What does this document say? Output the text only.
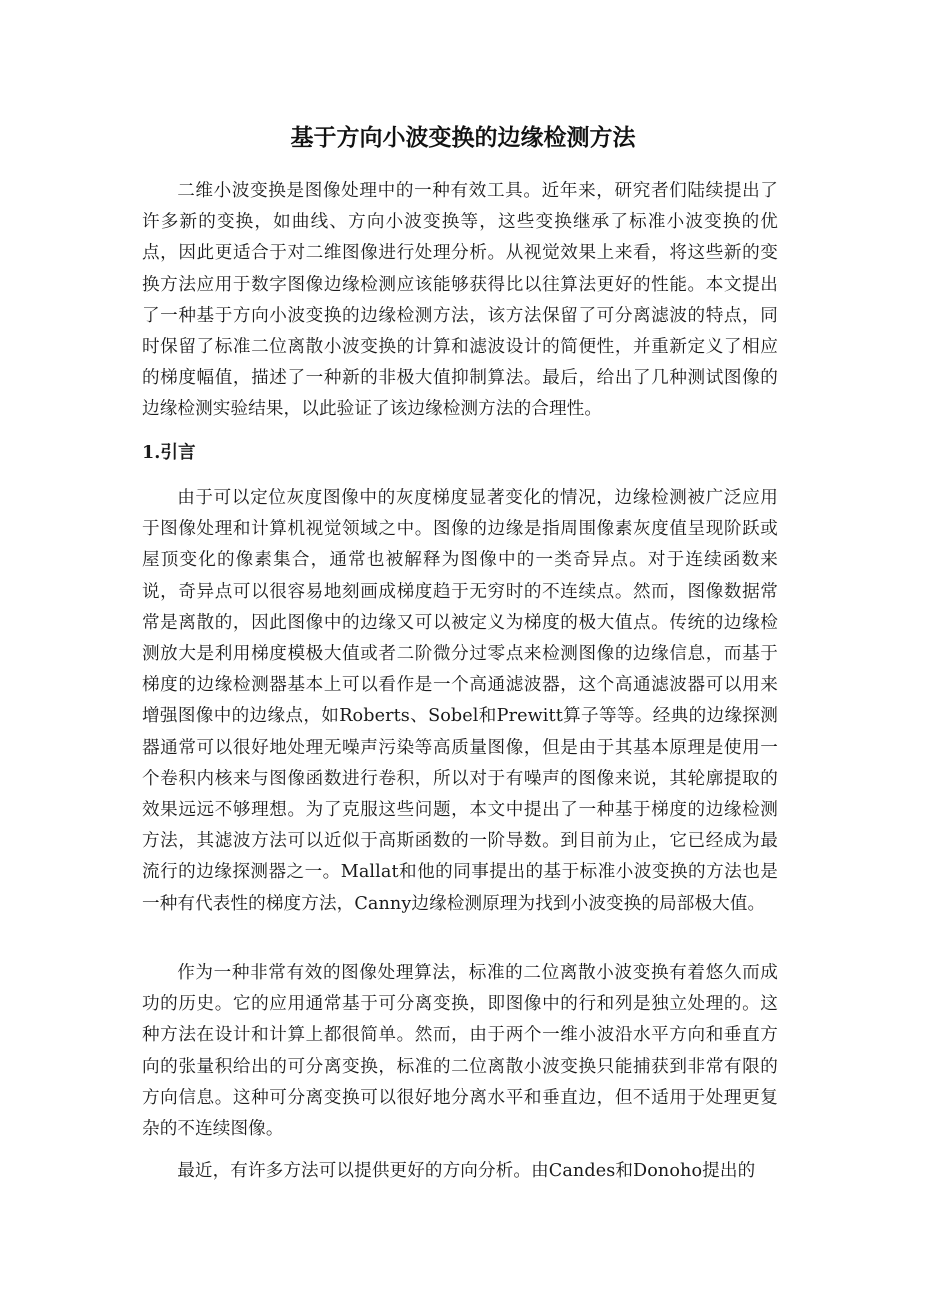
基于方向小波变换的边缘检测方法

二维小波变换是图像处理中的一种有效工具。近年来，研究者们陆续提出了许多新的变换，如曲线、方向小波变换等，这些变换继承了标准小波变换的优点，因此更适合于对二维图像进行处理分析。从视觉效果上来看，将这些新的变换方法应用于数字图像边缘检测应该能够获得比以往算法更好的性能。本文提出了一种基于方向小波变换的边缘检测方法，该方法保留了可分离滤波的特点，同时保留了标准二位离散小波变换的计算和滤波设计的简便性，并重新定义了相应的梯度幅值，描述了一种新的非极大值抑制算法。最后，给出了几种测试图像的边缘检测实验结果，以此验证了该边缘检测方法的合理性。

1.引言

由于可以定位灰度图像中的灰度梯度显著变化的情况，边缘检测被广泛应用于图像处理和计算机视觉领域之中。图像的边缘是指周围像素灰度值呈现阶跃或屋顶变化的像素集合，通常也被解释为图像中的一类奇异点。对于连续函数来说，奇异点可以很容易地刻画成梯度趋于无穷时的不连续点。然而，图像数据常常是离散的，因此图像中的边缘又可以被定义为梯度的极大值点。传统的边缘检测放大是利用梯度模极大值或者二阶微分过零点来检测图像的边缘信息，而基于梯度的边缘检测器基本上可以看作是一个高通滤波器，这个高通滤波器可以用来增强图像中的边缘点，如Roberts、Sobel和Prewitt算子等等。经典的边缘探测器通常可以很好地处理无噪声污染等高质量图像，但是由于其基本原理是使用一个卷积内核来与图像函数进行卷积，所以对于有噪声的图像来说，其轮廓提取的效果远远不够理想。为了克服这些问题，本文中提出了一种基于梯度的边缘检测方法，其滤波方法可以近似于高斯函数的一阶导数。到目前为止，它已经成为最流行的边缘探测器之一。Mallat和他的同事提出的基于标准小波变换的方法也是一种有代表性的梯度方法，Canny边缘检测原理为找到小波变换的局部极大值。

作为一种非常有效的图像处理算法，标准的二位离散小波变换有着悠久而成功的历史。它的应用通常基于可分离变换，即图像中的行和列是独立处理的。这种方法在设计和计算上都很简单。然而，由于两个一维小波沿水平方向和垂直方向的张量积给出的可分离变换，标准的二位离散小波变换只能捕获到非常有限的方向信息。这种可分离变换可以很好地分离水平和垂直边，但不适用于处理更复杂的不连续图像。

最近，有许多方法可以提供更好的方向分析。由Candes和Donoho提出的
